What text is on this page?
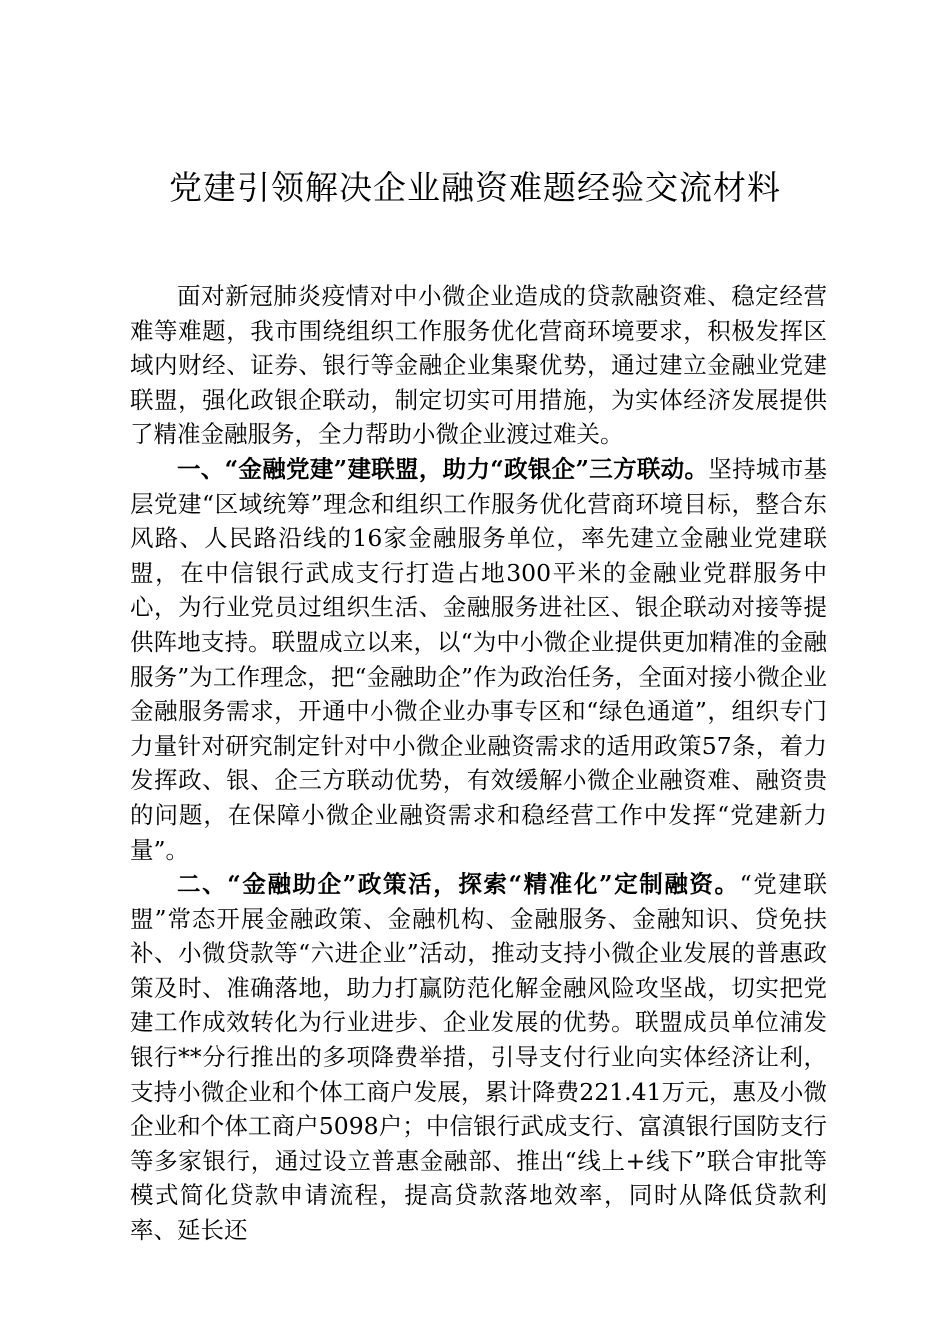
党建引领解决企业融资难题经验交流材料

面对新冠肺炎疫情对中小微企业造成的贷款融资难、稳定经营难等难题，我市围绕组织工作服务优化营商环境要求，积极发挥区域内财经、证券、银行等金融企业集聚优势，通过建立金融业党建联盟，强化政银企联动，制定切实可用措施，为实体经济发展提供了精准金融服务，全力帮助小微企业渡过难关。

一、“金融党建”建联盟，助力“政银企”三方联动。坚持城市基层党建“区域统筹”理念和组织工作服务优化营商环境目标，整合东风路、人民路沿线的16家金融服务单位，率先建立金融业党建联盟，在中信银行武成支行打造占地300平米的金融业党群服务中心，为行业党员过组织生活、金融服务进社区、银企联动对接等提供阵地支持。联盟成立以来，以“为中小微企业提供更加精准的金融服务”为工作理念，把“金融助企”作为政治任务，全面对接小微企业金融服务需求，开通中小微企业办事专区和“绿色通道”，组织专门力量针对研究制定针对中小微企业融资需求的适用政策57条，着力发挥政、银、企三方联动优势，有效缓解小微企业融资难、融资贵的问题，在保障小微企业融资需求和稳经营工作中发挥“党建新力量”。

二、“金融助企”政策活，探索“精准化”定制融资。“党建联盟”常态开展金融政策、金融机构、金融服务、金融知识、贷免扶补、小微贷款等“六进企业”活动，推动支持小微企业发展的普惠政策及时、准确落地，助力打赢防范化解金融风险攻坚战，切实把党建工作成效转化为行业进步、企业发展的优势。联盟成员单位浦发银行**分行推出的多项降费举措，引导支付行业向实体经济让利，支持小微企业和个体工商户发展，累计降费221.41万元，惠及小微企业和个体工商户5098户；中信银行武成支行、富滇银行国防支行等多家银行，通过设立普惠金融部、推出“线上+线下”联合审批等模式简化贷款申请流程，提高贷款落地效率，同时从降低贷款利率、延长还
